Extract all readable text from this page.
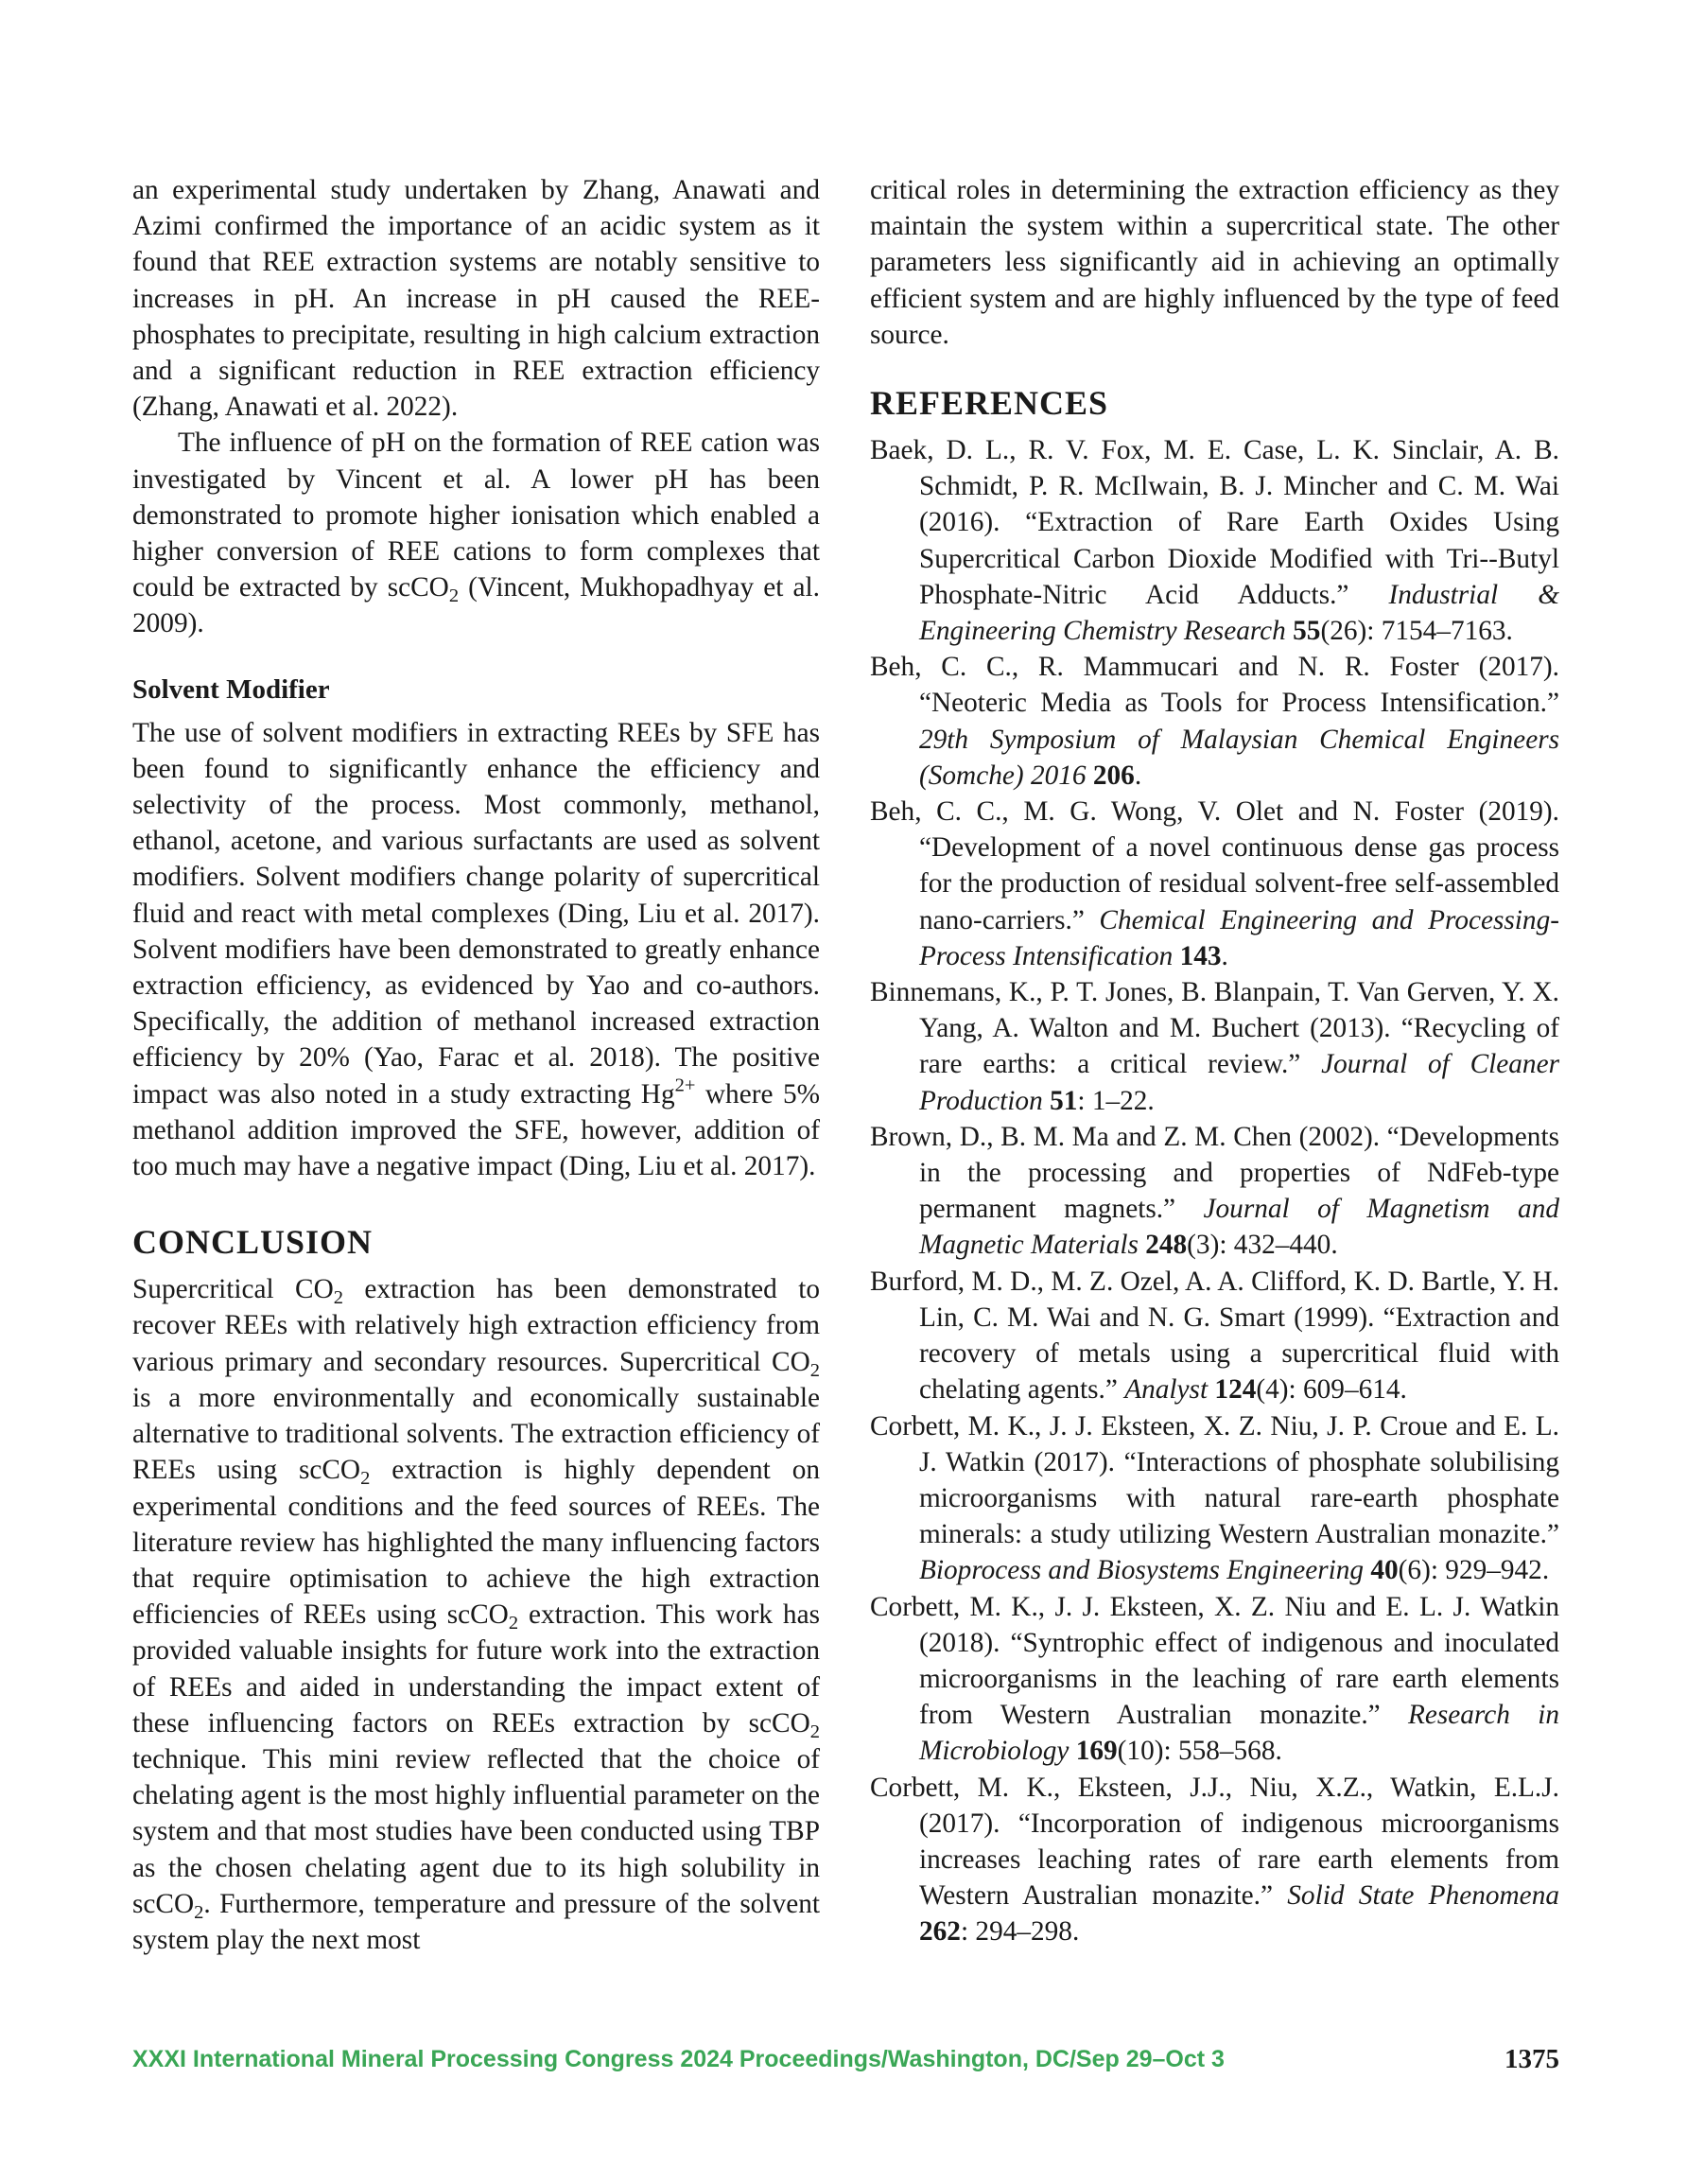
an experimental study undertaken by Zhang, Anawati and Azimi confirmed the importance of an acidic system as it found that REE extraction systems are notably sensitive to increases in pH. An increase in pH caused the REE-phosphates to precipitate, resulting in high calcium extraction and a significant reduction in REE extraction efficiency (Zhang, Anawati et al. 2022).

The influence of pH on the formation of REE cation was investigated by Vincent et al. A lower pH has been demonstrated to promote higher ionisation which enabled a higher conversion of REE cations to form complexes that could be extracted by scCO$_2$ (Vincent, Mukhopadhyay et al. 2009).

Solvent Modifier

The use of solvent modifiers in extracting REEs by SFE has been found to significantly enhance the efficiency and selectivity of the process. Most commonly, methanol, ethanol, acetone, and various surfactants are used as solvent modifiers. Solvent modifiers change polarity of supercritical fluid and react with metal complexes (Ding, Liu et al. 2017). Solvent modifiers have been demonstrated to greatly enhance extraction efficiency, as evidenced by Yao and co-authors. Specifically, the addition of methanol increased extraction efficiency by 20% (Yao, Farac et al. 2018). The positive impact was also noted in a study extracting $Hg^{2+}$ where 5% methanol addition improved the SFE, however, addition of too much may have a negative impact (Ding, Liu et al. 2017).

CONCLUSION

Supercritical $CO_2$ extraction has been demonstrated to recover REEs with relatively high extraction efficiency from various primary and secondary resources. Supercritical $CO_2$ is a more environmentally and economically sustainable alternative to traditional solvents. The extraction efficiency of REEs using scCO$_2$ extraction is highly dependent on experimental conditions and the feed sources of REEs. The literature review has highlighted the many influencing factors that require optimisation to achieve the high extraction efficiencies of REEs using scCO$_2$ extraction. This work has provided valuable insights for future work into the extraction of REEs and aided in understanding the impact extent of these influencing factors on REEs extraction by scCO$_2$ technique. This mini review reflected that the choice of chelating agent is the most highly influential parameter on the system and that most studies have been conducted using TBP as the chosen chelating agent due to its high solubility in scCO$_2$. Furthermore, temperature and pressure of the solvent system play the next most

critical roles in determining the extraction efficiency as they maintain the system within a supercritical state. The other parameters less significantly aid in achieving an optimally efficient system and are highly influenced by the type of feed source.

REFERENCES

Baek, D. L., R. V. Fox, M. E. Case, L. K. Sinclair, A. B. Schmidt, P. R. McIlwain, B. J. Mincher and C. M. Wai (2016). “Extraction of Rare Earth Oxides Using Supercritical Carbon Dioxide Modified with Tri--Butyl Phosphate-Nitric Acid Adducts.” Industrial & Engineering Chemistry Research 55(26): 7154–7163.

Beh, C. C., R. Mammucari and N. R. Foster (2017). “Neoteric Media as Tools for Process Intensification.” 29th Symposium of Malaysian Chemical Engineers (Somche) 2016 206.

Beh, C. C., M. G. Wong, V. Olet and N. Foster (2019). “Development of a novel continuous dense gas process for the production of residual solvent-free self-assembled nano-carriers.” Chemical Engineering and Processing-Process Intensification 143.

Binnemans, K., P. T. Jones, B. Blanpain, T. Van Gerven, Y. X. Yang, A. Walton and M. Buchert (2013). “Recycling of rare earths: a critical review.” Journal of Cleaner Production 51: 1–22.

Brown, D., B. M. Ma and Z. M. Chen (2002). “Developments in the processing and properties of NdFeb-type permanent magnets.” Journal of Magnetism and Magnetic Materials 248(3): 432–440.

Burford, M. D., M. Z. Ozel, A. A. Clifford, K. D. Bartle, Y. H. Lin, C. M. Wai and N. G. Smart (1999). “Extraction and recovery of metals using a supercritical fluid with chelating agents.” Analyst 124(4): 609–614.

Corbett, M. K., J. J. Eksteen, X. Z. Niu, J. P. Croue and E. L. J. Watkin (2017). “Interactions of phosphate solubilising microorganisms with natural rare-earth phosphate minerals: a study utilizing Western Australian monazite.” Bioprocess and Biosystems Engineering 40(6): 929–942.

Corbett, M. K., J. J. Eksteen, X. Z. Niu and E. L. J. Watkin (2018). “Syntrophic effect of indigenous and inoculated microorganisms in the leaching of rare earth elements from Western Australian monazite.” Research in Microbiology 169(10): 558–568.

Corbett, M. K., Eksteen, J.J., Niu, X.Z., Watkin, E.L.J. (2017). “Incorporation of indigenous microorganisms increases leaching rates of rare earth elements from Western Australian monazite.” Solid State Phenomena 262: 294–298.

XXXI International Mineral Processing Congress 2024 Proceedings/Washington, DC/Sep 29–Oct 3	1375
